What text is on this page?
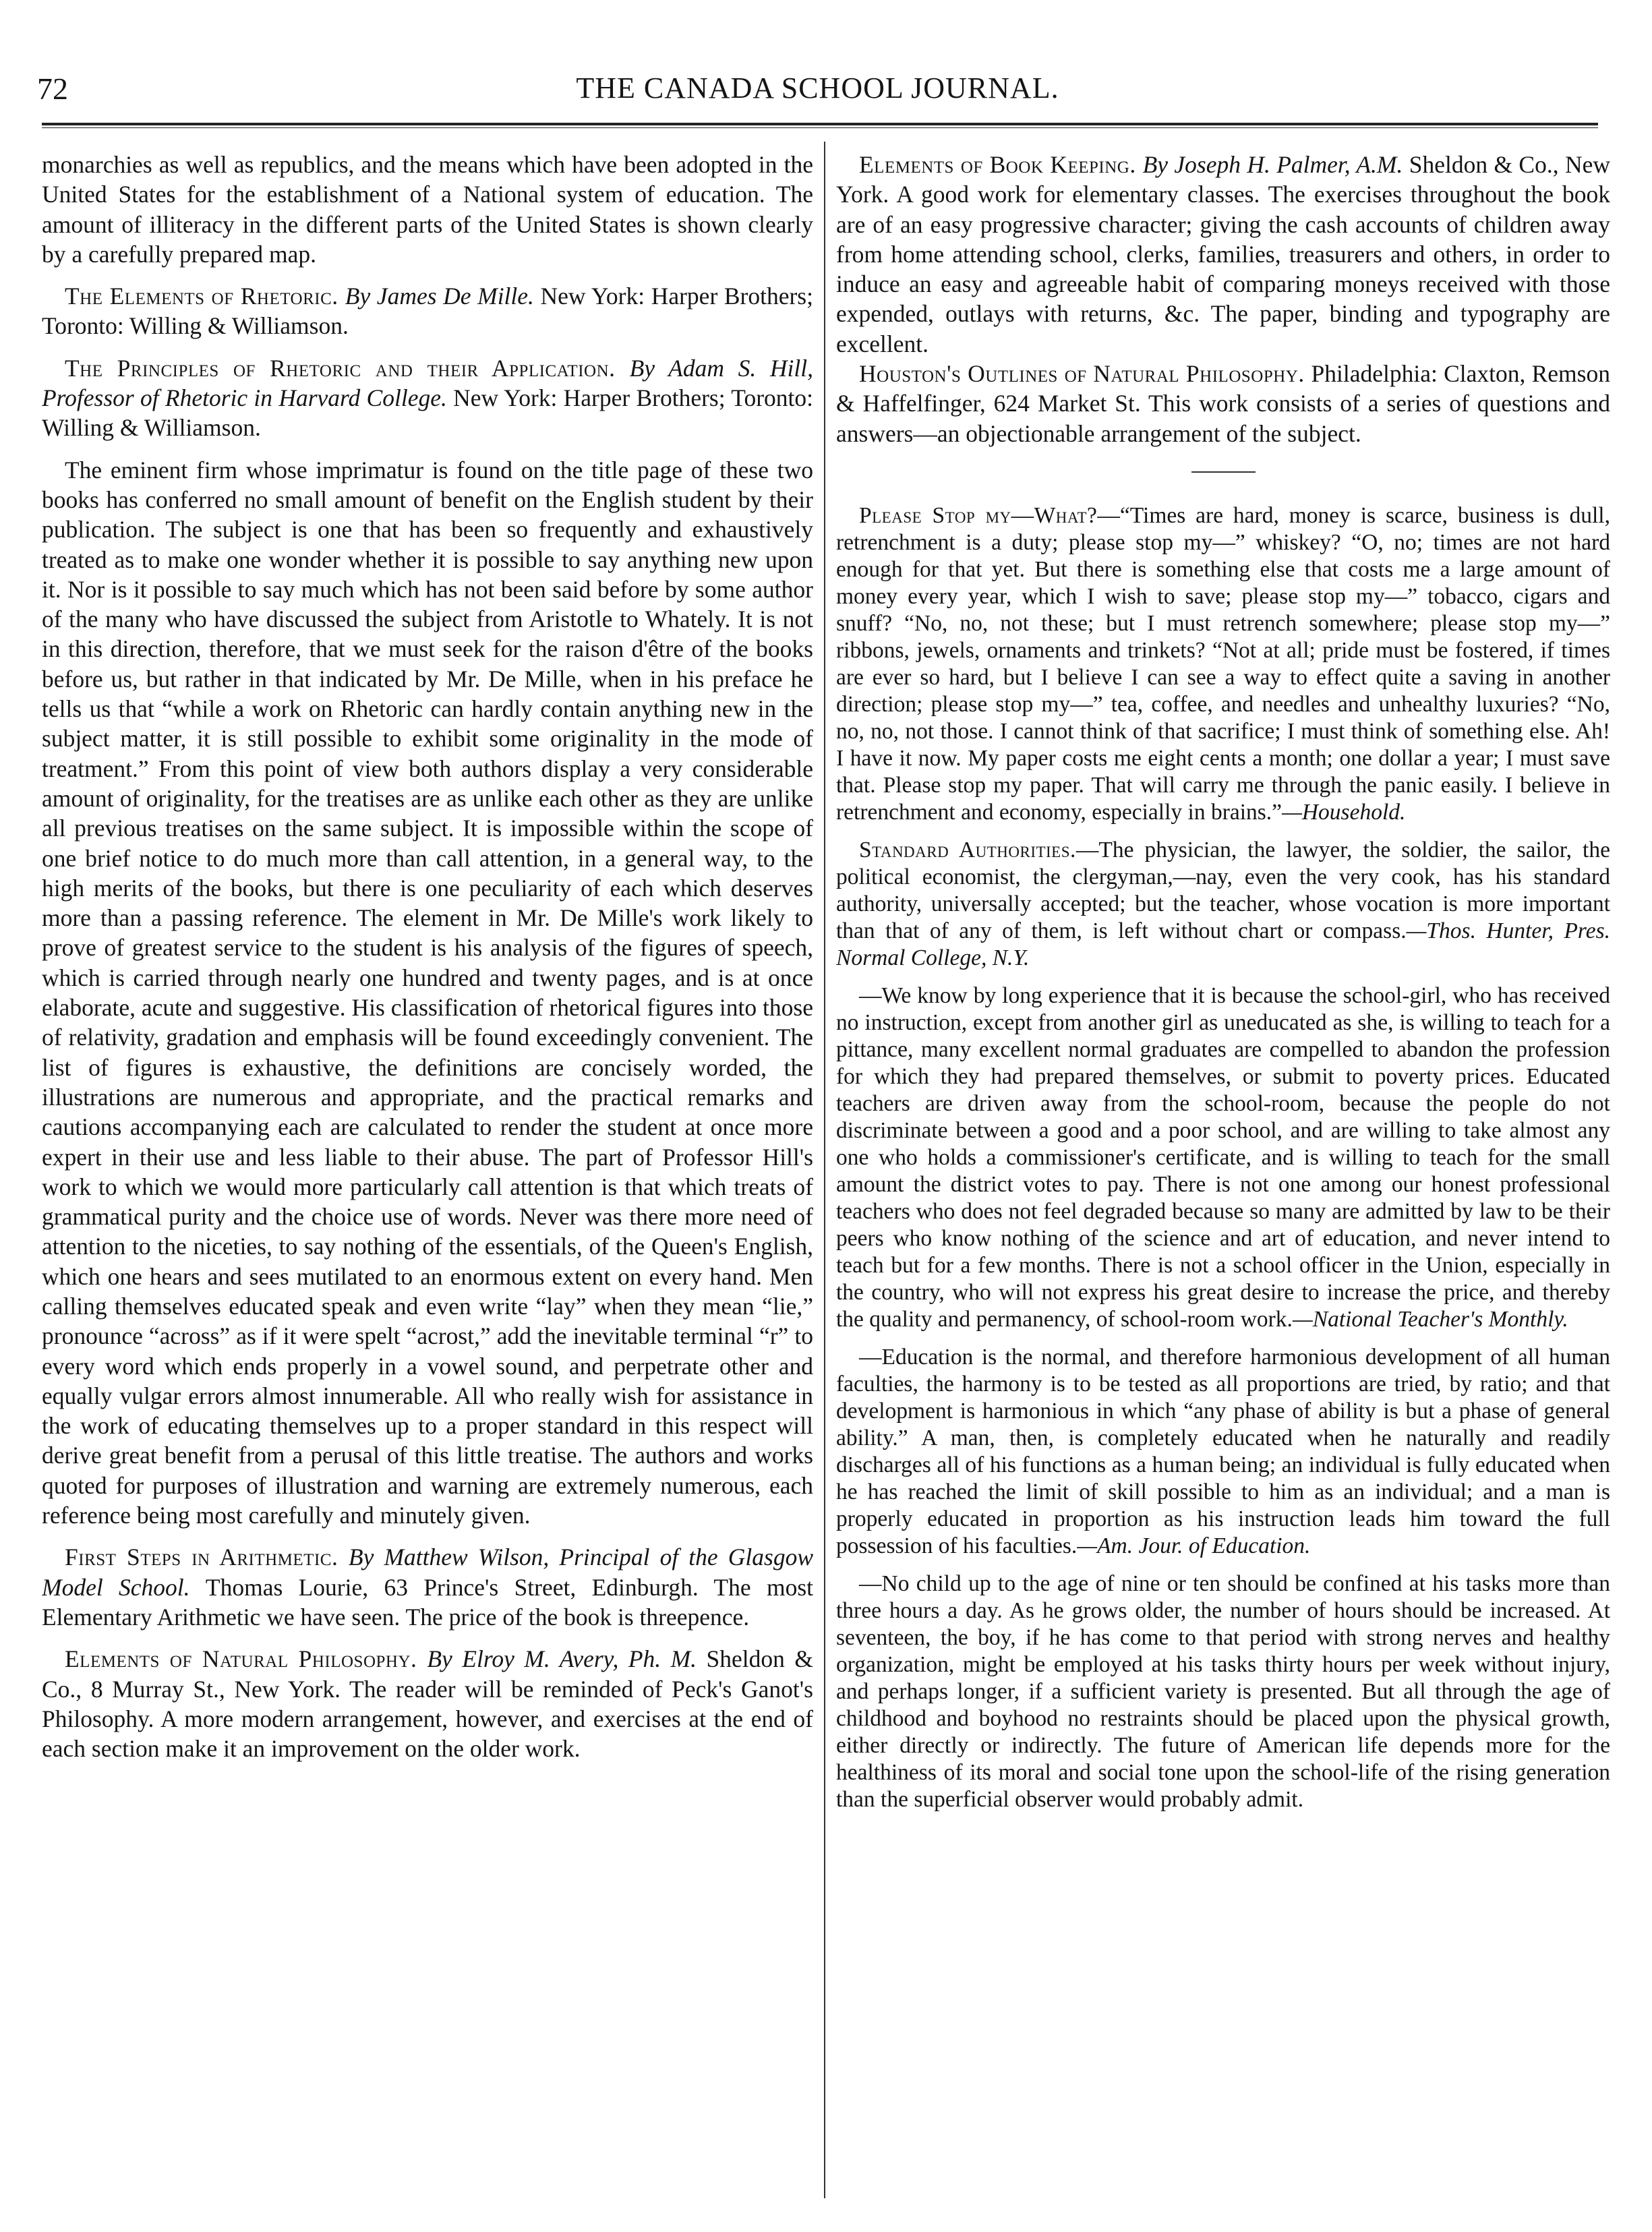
72	THE CANADA SCHOOL JOURNAL.

monarchies as well as republics, and the means which have been adopted in the United States for the establishment of a National system of education. The amount of illiteracy in the different parts of the United States is shown clearly by a carefully prepared map.

The Elements of Rhetoric. By James De Mille. New York: Harper Brothers; Toronto: Willing & Williamson.

The Principles of Rhetoric and their Application. By Adam S. Hill, Professor of Rhetoric in Harvard College. New York: Harper Brothers; Toronto: Willing & Williamson.

The eminent firm whose imprimatur is found on the title page of these two books has conferred no small amount of benefit on the English student by their publication. The subject is one that has been so frequently and exhaustively treated as to make one wonder whether it is possible to say anything new upon it. Nor is it possible to say much which has not been said before by some author of the many who have discussed the subject from Aristotle to Whately. It is not in this direction, therefore, that we must seek for the raison d'être of the books before us, but rather in that indicated by Mr. De Mille, when in his preface he tells us that “while a work on Rhetoric can hardly contain anything new in the subject matter, it is still possible to exhibit some originality in the mode of treatment.” From this point of view both authors display a very considerable amount of originality, for the treatises are as unlike each other as they are unlike all previous treatises on the same subject. It is impossible within the scope of one brief notice to do much more than call attention, in a general way, to the high merits of the books, but there is one peculiarity of each which deserves more than a passing reference. The element in Mr. De Mille's work likely to prove of greatest service to the student is his analysis of the figures of speech, which is carried through nearly one hundred and twenty pages, and is at once elaborate, acute and suggestive. His classification of rhetorical figures into those of relativity, gradation and emphasis will be found exceedingly convenient. The list of figures is exhaustive, the definitions are concisely worded, the illustrations are numerous and appropriate, and the practical remarks and cautions accompanying each are calculated to render the student at once more expert in their use and less liable to their abuse. The part of Professor Hill's work to which we would more particularly call attention is that which treats of grammatical purity and the choice use of words. Never was there more need of attention to the niceties, to say nothing of the essentials, of the Queen's English, which one hears and sees mutilated to an enormous extent on every hand. Men calling themselves educated speak and even write “lay” when they mean “lie,” pronounce “across” as if it were spelt “acrost,” add the inevitable terminal “r” to every word which ends properly in a vowel sound, and perpetrate other and equally vulgar errors almost innumerable. All who really wish for assistance in the work of educating themselves up to a proper standard in this respect will derive great benefit from a perusal of this little treatise. The authors and works quoted for purposes of illustration and warning are extremely numerous, each reference being most carefully and minutely given.

First Steps in Arithmetic. By Matthew Wilson, Principal of the Glasgow Model School. Thomas Lourie, 63 Prince's Street, Edinburgh. The most Elementary Arithmetic we have seen. The price of the book is threepence.

Elements of Natural Philosophy. By Elroy M. Avery, Ph. M. Sheldon & Co., 8 Murray St., New York. The reader will be reminded of Peck's Ganot's Philosophy. A more modern arrangement, however, and exercises at the end of each section make it an improvement on the older work.

Elements of Book Keeping. By Joseph H. Palmer, A.M. Sheldon & Co., New York. A good work for elementary classes. The exercises throughout the book are of an easy progressive character; giving the cash accounts of children away from home attending school, clerks, families, treasurers and others, in order to induce an easy and agreeable habit of comparing moneys received with those expended, outlays with returns, &c. The paper, binding and typography are excellent.

Houston's Outlines of Natural Philosophy. Philadelphia: Claxton, Remson & Haffelfinger, 624 Market St. This work consists of a series of questions and answers—an objectionable arrangement of the subject.

Please Stop my—What?—“Times are hard, money is scarce, business is dull, retrenchment is a duty; please stop my—” whiskey? “O, no; times are not hard enough for that yet. But there is something else that costs me a large amount of money every year, which I wish to save; please stop my—” tobacco, cigars and snuff? “No, no, not these; but I must retrench somewhere; please stop my—” ribbons, jewels, ornaments and trinkets? “Not at all; pride must be fostered, if times are ever so hard, but I believe I can see a way to effect quite a saving in another direction; please stop my—” tea, coffee, and needles and unhealthy luxuries? “No, no, no, not those. I cannot think of that sacrifice; I must think of something else. Ah! I have it now. My paper costs me eight cents a month; one dollar a year; I must save that. Please stop my paper. That will carry me through the panic easily. I believe in retrenchment and economy, especially in brains.”—Household.

Standard Authorities.—The physician, the lawyer, the soldier, the sailor, the political economist, the clergyman,—nay, even the very cook, has his standard authority, universally accepted; but the teacher, whose vocation is more important than that of any of them, is left without chart or compass.—Thos. Hunter, Pres. Normal College, N.Y.

—We know by long experience that it is because the school-girl, who has received no instruction, except from another girl as uneducated as she, is willing to teach for a pittance, many excellent normal graduates are compelled to abandon the profession for which they had prepared themselves, or submit to poverty prices. Educated teachers are driven away from the school-room, because the people do not discriminate between a good and a poor school, and are willing to take almost any one who holds a commissioner's certificate, and is willing to teach for the small amount the district votes to pay. There is not one among our honest professional teachers who does not feel degraded because so many are admitted by law to be their peers who know nothing of the science and art of education, and never intend to teach but for a few months. There is not a school officer in the Union, especially in the country, who will not express his great desire to increase the price, and thereby the quality and permanency, of school-room work.—National Teacher's Monthly.

—Education is the normal, and therefore harmonious development of all human faculties, the harmony is to be tested as all proportions are tried, by ratio; and that development is harmonious in which “any phase of ability is but a phase of general ability.” A man, then, is completely educated when he naturally and readily discharges all of his functions as a human being; an individual is fully educated when he has reached the limit of skill possible to him as an individual; and a man is properly educated in proportion as his instruction leads him toward the full possession of his faculties.—Am. Jour. of Education.

—No child up to the age of nine or ten should be confined at his tasks more than three hours a day. As he grows older, the number of hours should be increased. At seventeen, the boy, if he has come to that period with strong nerves and healthy organization, might be employed at his tasks thirty hours per week without injury, and perhaps longer, if a sufficient variety is presented. But all through the age of childhood and boyhood no restraints should be placed upon the physical growth, either directly or indirectly. The future of American life depends more for the healthiness of its moral and social tone upon the school-life of the rising generation than the superficial observer would probably admit.
